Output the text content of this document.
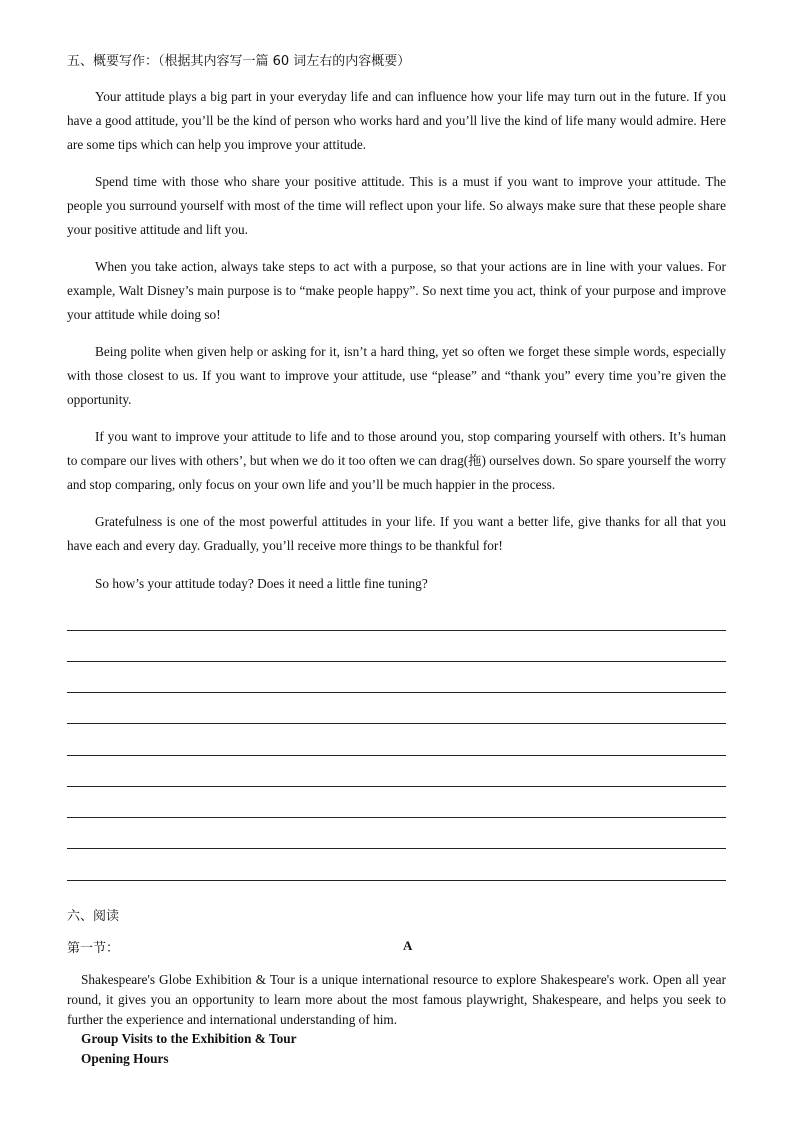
五、概要写作：（根据其内容写一篇 60 词左右的内容概要）

Your attitude plays a big part in your everyday life and can influence how your life may turn out in the future. If you have a good attitude, you’ll be the kind of person who works hard and you’ll live the kind of life many would admire. Here are some tips which can help you improve your attitude.

Spend time with those who share your positive attitude. This is a must if you want to improve your attitude. The people you surround yourself with most of the time will reflect upon your life. So always make sure that these people share your positive attitude and lift you.

When you take action, always take steps to act with a purpose, so that your actions are in line with your values. For example, Walt Disney’s main purpose is to “make people happy”. So next time you act, think of your purpose and improve your attitude while doing so!

Being polite when given help or asking for it, isn’t a hard thing, yet so often we forget these simple words, especially with those closest to us. If you want to improve your attitude, use “please” and “thank you” every time you’re given the opportunity.

If you want to improve your attitude to life and to those around you, stop comparing yourself with others. It’s human to compare our lives with others’, but when we do it too often we can drag(拖) ourselves down. So spare yourself the worry and stop comparing, only focus on your own life and you’ll be much happier in the process.

Gratefulness is one of the most powerful attitudes in your life. If you want a better life, give thanks for all that you have each and every day. Gradually, you’ll receive more things to be thankful for!

So how’s your attitude today? Does it need a little fine tuning?

六、阅读
第一节：	A

Shakespeare's Globe Exhibition & Tour is a unique international resource to explore Shakespeare's work. Open all year round, it gives you an opportunity to learn more about the most famous playwright, Shakespeare, and helps you seek to further the experience and international understanding of him.

Group Visits to the Exhibition & Tour
Opening Hours
